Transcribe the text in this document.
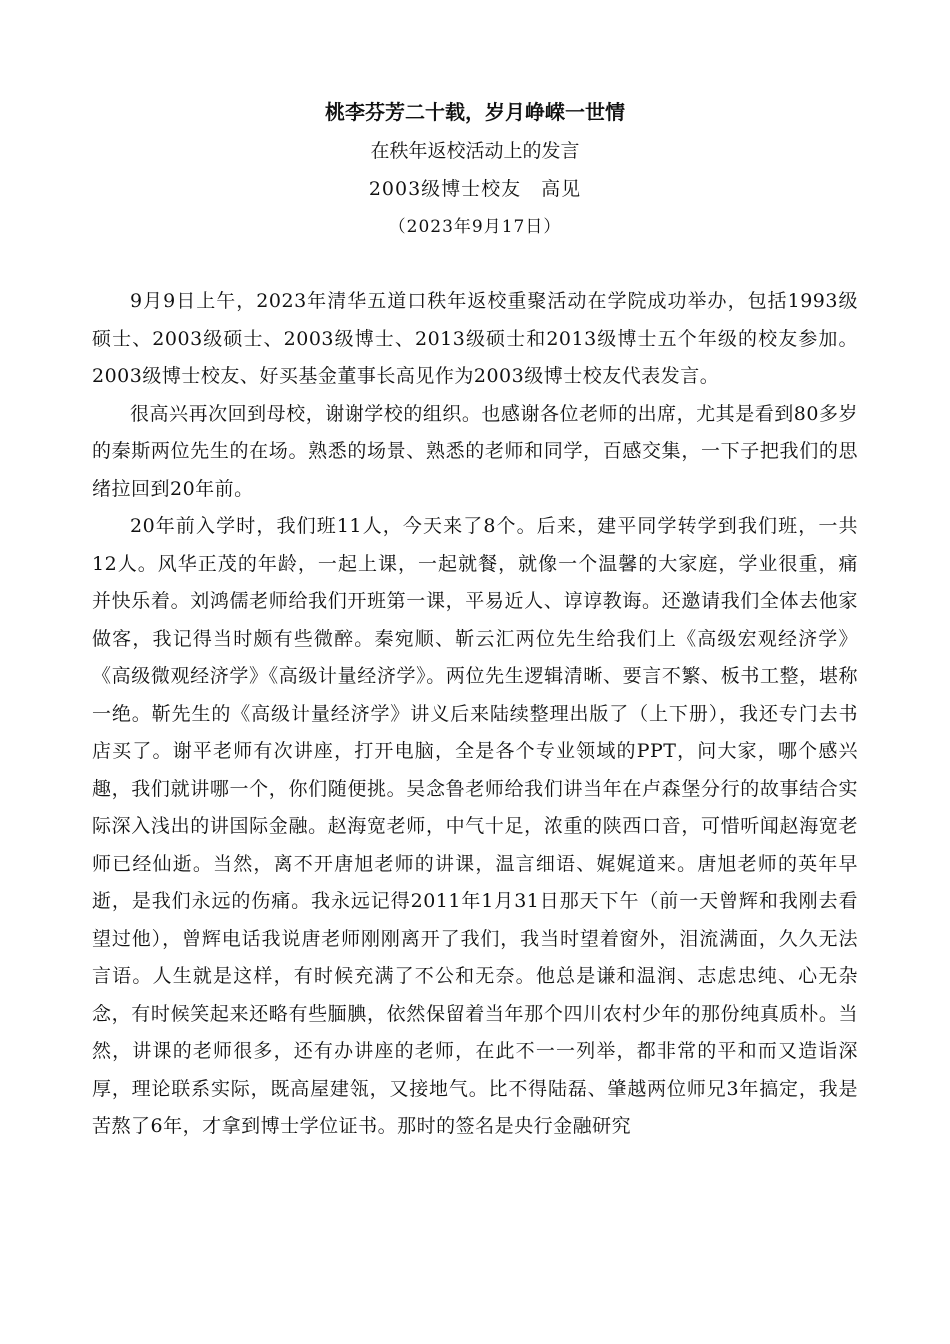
桃李芬芳二十载，岁月峥嵘一世情

在秩年返校活动上的发言

2003级博士校友　高见

（2023年9月17日）

9月9日上午，2023年清华五道口秩年返校重聚活动在学院成功举办，包括1993级硕士、2003级硕士、2003级博士、2013级硕士和2013级博士五个年级的校友参加。2003级博士校友、好买基金董事长高见作为2003级博士校友代表发言。

很高兴再次回到母校，谢谢学校的组织。也感谢各位老师的出席，尤其是看到80多岁的秦斯两位先生的在场。熟悉的场景、熟悉的老师和同学，百感交集，一下子把我们的思绪拉回到20年前。

20年前入学时，我们班11人，今天来了8个。后来，建平同学转学到我们班，一共12人。风华正茂的年龄，一起上课，一起就餐，就像一个温馨的大家庭，学业很重，痛并快乐着。刘鸿儒老师给我们开班第一课，平易近人、谆谆教诲。还邀请我们全体去他家做客，我记得当时颇有些微醉。秦宛顺、靳云汇两位先生给我们上《高级宏观经济学》《高级微观经济学》《高级计量经济学》。两位先生逻辑清晰、要言不繁、板书工整，堪称一绝。靳先生的《高级计量经济学》讲义后来陆续整理出版了（上下册），我还专门去书店买了。谢平老师有次讲座，打开电脑，全是各个专业领域的PPT，问大家，哪个感兴趣，我们就讲哪一个，你们随便挑。吴念鲁老师给我们讲当年在卢森堡分行的故事结合实际深入浅出的讲国际金融。赵海宽老师，中气十足，浓重的陕西口音，可惜听闻赵海宽老师已经仙逝。当然，离不开唐旭老师的讲课，温言细语、娓娓道来。唐旭老师的英年早逝，是我们永远的伤痛。我永远记得2011年1月31日那天下午（前一天曾辉和我刚去看望过他），曾辉电话我说唐老师刚刚离开了我们，我当时望着窗外，泪流满面，久久无法言语。人生就是这样，有时候充满了不公和无奈。他总是谦和温润、志虑忠纯、心无杂念，有时候笑起来还略有些腼腆，依然保留着当年那个四川农村少年的那份纯真质朴。当然，讲课的老师很多，还有办讲座的老师，在此不一一列举，都非常的平和而又造诣深厚，理论联系实际，既高屋建瓴，又接地气。比不得陆磊、肇越两位师兄3年搞定，我是苦熬了6年，才拿到博士学位证书。那时的签名是央行金融研究
